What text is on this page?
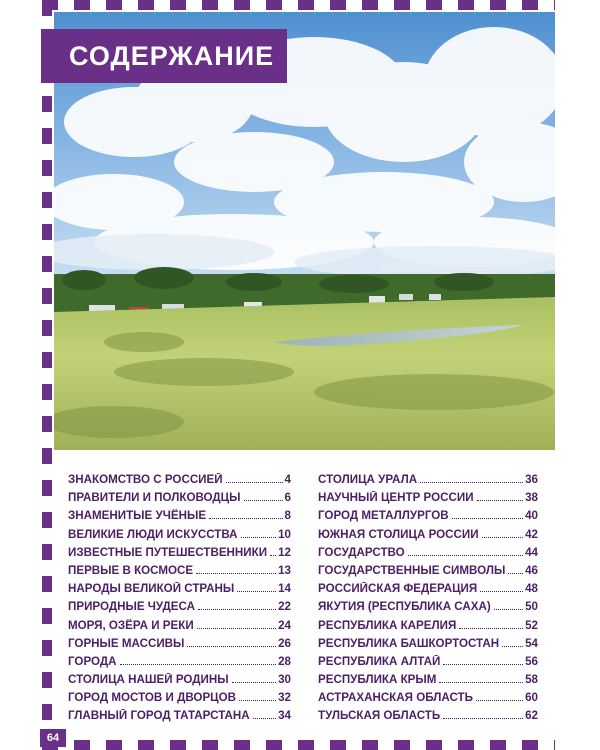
СОДЕРЖАНИЕ
ЗНАКОМСТВО С РОССИЕЙ	4
ПРАВИТЕЛИ И ПОЛКОВОДЦЫ	6
ЗНАМЕНИТЫЕ УЧЁНЫЕ	8
ВЕЛИКИЕ ЛЮДИ ИСКУССТВА	10
ИЗВЕСТНЫЕ ПУТЕШЕСТВЕННИКИ 12
ПЕРВЫЕ В КОСМОСЕ	13
НАРОДЫ ВЕЛИКОЙ СТРАНЫ	14
ПРИРОДНЫЕ ЧУДЕСА	22
МОРЯ, ОЗЁРА И РЕКИ	24
ГОРНЫЕ МАССИВЫ	26
ГОРОДА	28
СТОЛИЦА НАШЕЙ РОДИНЫ	30
ГОРОД МОСТОВ И ДВОРЦОВ	32
ГЛАВНЫЙ ГОРОД ТАТАРСТАНА 34
СТОЛИЦА УРАЛА	36
НАУЧНЫЙ ЦЕНТР РОССИИ	38
ГОРОД МЕТАЛЛУРГОВ	40
ЮЖНАЯ СТОЛИЦА РОССИИ	42
ГОСУДАРСТВО	44
ГОСУДАРСТВЕННЫЕ СИМВОЛЫ 46
РОССИЙСКАЯ ФЕДЕРАЦИЯ	48
ЯКУТИЯ (РЕСПУБЛИКА САХА)	50
РЕСПУБЛИКА КАРЕЛИЯ	52
РЕСПУБЛИКА БАШКОРТОСТАН 54
РЕСПУБЛИКА АЛТАЙ	56
РЕСПУБЛИКА КРЫМ	58
АСТРАХАНСКАЯ ОБЛАСТЬ	60
ТУЛЬСКАЯ ОБЛАСТЬ	62
64
